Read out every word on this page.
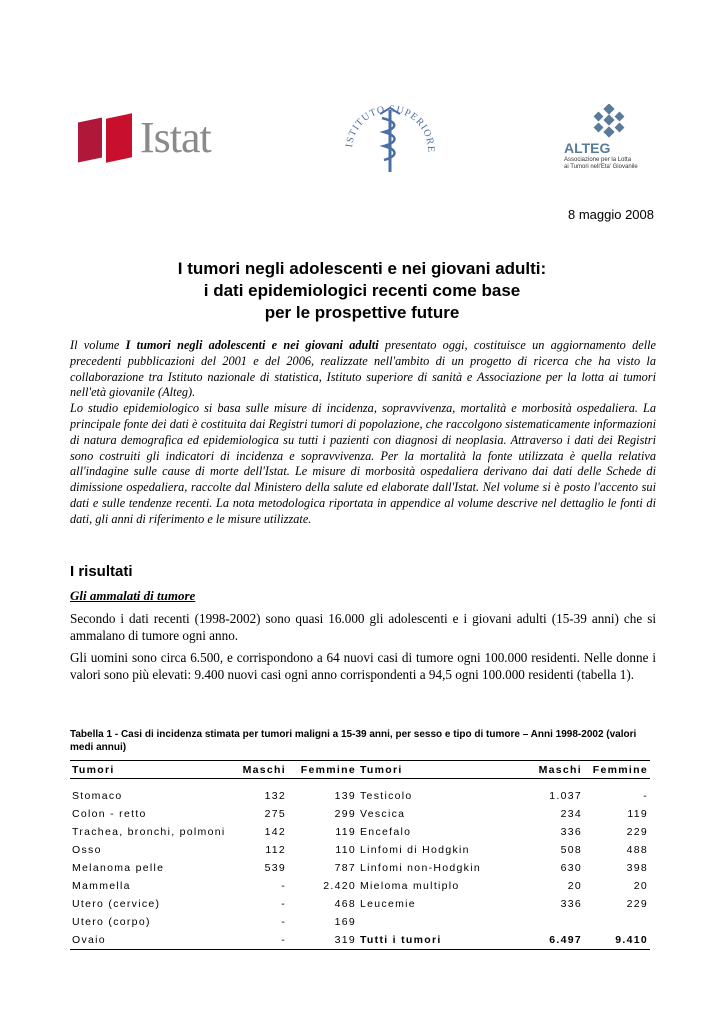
Istat	ISTITUTO SUPERIORE	ALTEG
Associazione per la Lotta
ai Tumori nell'Eta' Giovanile
8 maggio 2008
I tumori negli adolescenti e nei giovani adulti:
i dati epidemiologici recenti come base
per le prospettive future

Il volume I tumori negli adolescenti e nei giovani adulti presentato oggi, costituisce un aggiornamento delle precedenti pubblicazioni del 2001 e del 2006, realizzate nell'ambito di un progetto di ricerca che ha visto la collaborazione tra Istituto nazionale di statistica, Istituto superiore di sanità e Associazione per la lotta ai tumori nell'età giovanile (Alteg).

Lo studio epidemiologico si basa sulle misure di incidenza, sopravvivenza, mortalità e morbosità ospedaliera. La principale fonte dei dati è costituita dai Registri tumori di popolazione, che raccolgono sistematicamente informazioni di natura demografica ed epidemiologica su tutti i pazienti con diagnosi di neoplasia. Attraverso i dati dei Registri sono costruiti gli indicatori di incidenza e sopravvivenza. Per la mortalità la fonte utilizzata è quella relativa all'indagine sulle cause di morte dell'Istat. Le misure di morbosità ospedaliera derivano dai dati delle Schede di dimissione ospedaliera, raccolte dal Ministero della salute ed elaborate dall'Istat. Nel volume si è posto l'accento sui dati e sulle tendenze recenti. La nota metodologica riportata in appendice al volume descrive nel dettaglio le fonti di dati, gli anni di riferimento e le misure utilizzate.

I risultati
Gli ammalati di tumore

Secondo i dati recenti (1998-2002) sono quasi 16.000 gli adolescenti e i giovani adulti (15-39 anni) che si ammalano di tumore ogni anno.

Gli uomini sono circa 6.500, e corrispondono a 64 nuovi casi di tumore ogni 100.000 residenti. Nelle donne i valori sono più elevati: 9.400 nuovi casi ogni anno corrispondenti a 94,5 ogni 100.000 residenti (tabella 1).

Tabella 1 - Casi di incidenza stimata per tumori maligni a 15-39 anni, per sesso e tipo di tumore – Anni 1998-2002 (valori medi annui)
Tumori	Maschi	Femmine	Tumori	Maschi	Femmine

Stomaco	132	139	Testicolo	1.037	-
Colon - retto	275	299	Vescica	234	119
Trachea, bronchi, polmoni	142	119	Encefalo	336	229
Osso	112	110	Linfomi di Hodgkin	508	488
Melanoma pelle	539	787	Linfomi non-Hodgkin	630	398
Mammella	-	2.420	Mieloma multiplo	20	20
Utero (cervice)	-	468	Leucemie	336	229
Utero (corpo)	-	169			
Ovaio	-	319	Tutti i tumori	6.497	9.410
